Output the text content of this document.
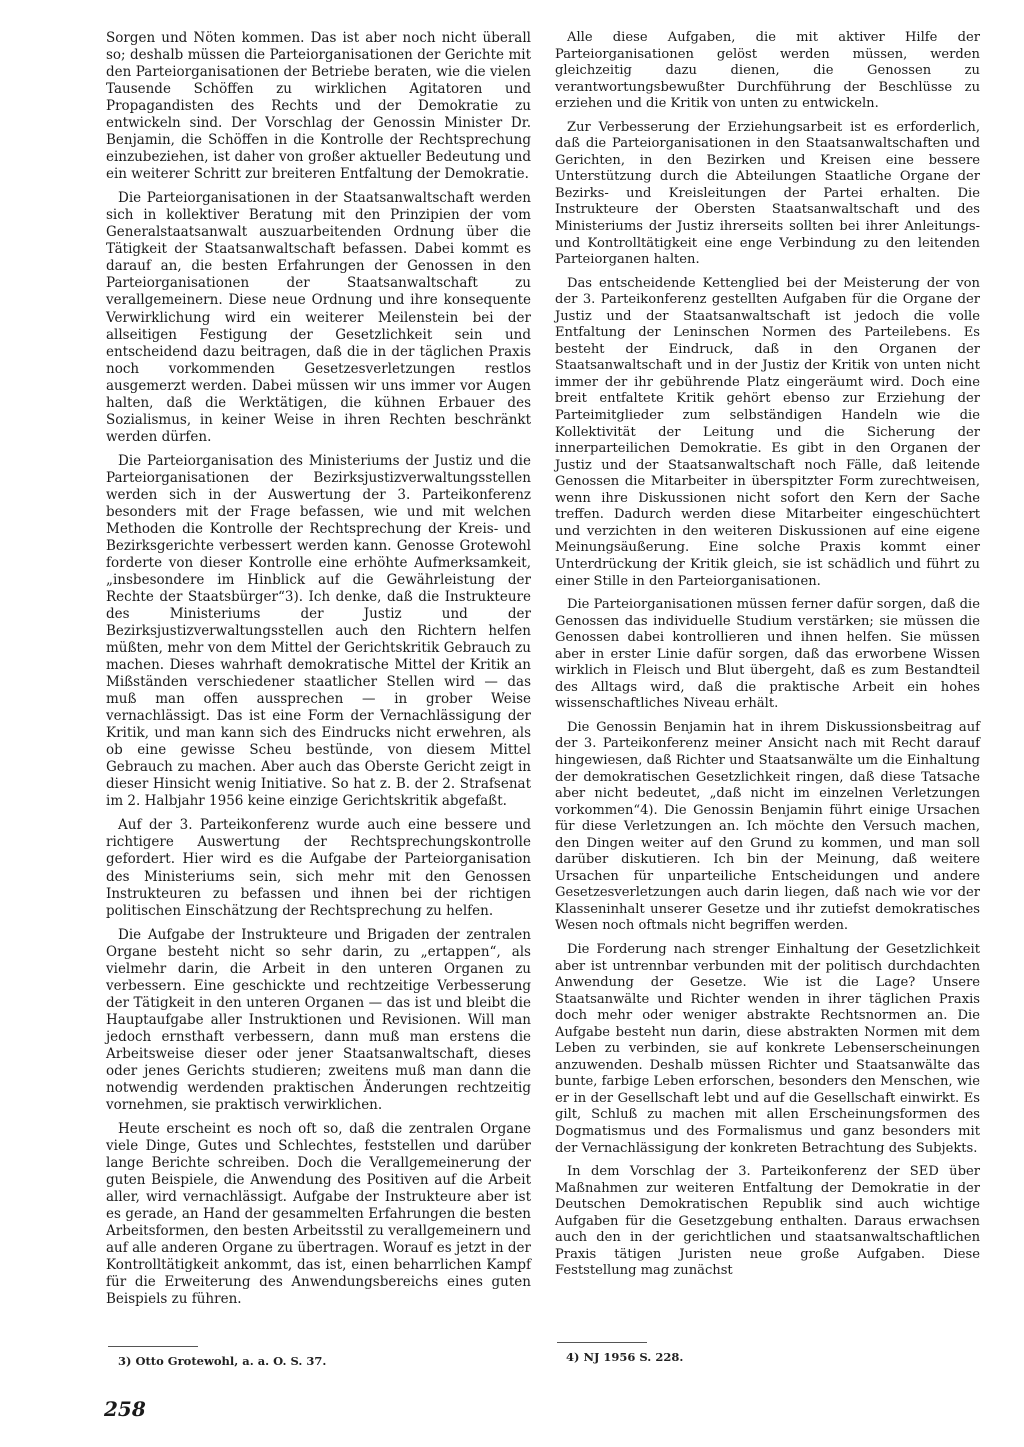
Sorgen und Nöten kommen. Das ist aber noch nicht überall so; deshalb müssen die Parteiorganisationen der Gerichte mit den Parteiorganisationen der Betriebe beraten, wie die vielen Tausende Schöffen zu wirklichen Agitatoren und Propagandisten des Rechts und der Demokratie zu entwickeln sind. Der Vorschlag der Genossin Minister Dr. Benjamin, die Schöffen in die Kontrolle der Rechtsprechung einzubeziehen, ist daher von großer aktueller Bedeutung und ein weiterer Schritt zur breiteren Entfaltung der Demokratie.

Die Parteiorganisationen in der Staatsanwaltschaft werden sich in kollektiver Beratung mit den Prinzipien der vom Generalstaatsanwalt auszuarbeitenden Ordnung über die Tätigkeit der Staatsanwaltschaft befassen. Dabei kommt es darauf an, die besten Erfahrungen der Genossen in den Parteiorganisationen der Staatsanwaltschaft zu verallgemeinern. Diese neue Ordnung und ihre konsequente Verwirklichung wird ein weiterer Meilenstein bei der allseitigen Festigung der Gesetzlichkeit sein und entscheidend dazu beitragen, daß die in der täglichen Praxis noch vorkommenden Gesetzesverletzungen restlos ausgemerzt werden. Dabei müssen wir uns immer vor Augen halten, daß die Werktätigen, die kühnen Erbauer des Sozialismus, in keiner Weise in ihren Rechten beschränkt werden dürfen.

Die Parteiorganisation des Ministeriums der Justiz und die Parteiorganisationen der Bezirksjustizverwaltungsstellen werden sich in der Auswertung der 3. Parteikonferenz besonders mit der Frage befassen, wie und mit welchen Methoden die Kontrolle der Rechtsprechung der Kreis- und Bezirksgerichte verbessert werden kann. Genosse Grotewohl forderte von dieser Kontrolle eine erhöhte Aufmerksamkeit, „insbesondere im Hinblick auf die Gewährleistung der Rechte der Staatsbürger“3). Ich denke, daß die Instrukteure des Ministeriums der Justiz und der Bezirksjustizverwaltungsstellen auch den Richtern helfen müßten, mehr von dem Mittel der Gerichtskritik Gebrauch zu machen. Dieses wahrhaft demokratische Mittel der Kritik an Mißständen verschiedener staatlicher Stellen wird — das muß man offen aussprechen — in grober Weise vernachlässigt. Das ist eine Form der Vernachlässigung der Kritik, und man kann sich des Eindrucks nicht erwehren, als ob eine gewisse Scheu bestünde, von diesem Mittel Gebrauch zu machen. Aber auch das Oberste Gericht zeigt in dieser Hinsicht wenig Initiative. So hat z. B. der 2. Strafsenat im 2. Halbjahr 1956 keine einzige Gerichtskritik abgefaßt.

Auf der 3. Parteikonferenz wurde auch eine bessere und richtigere Auswertung der Rechtsprechungskontrolle gefordert. Hier wird es die Aufgabe der Parteiorganisation des Ministeriums sein, sich mehr mit den Genossen Instrukteuren zu befassen und ihnen bei der richtigen politischen Einschätzung der Rechtsprechung zu helfen.

Die Aufgabe der Instrukteure und Brigaden der zentralen Organe besteht nicht so sehr darin, zu „ertappen“, als vielmehr darin, die Arbeit in den unteren Organen zu verbessern. Eine geschickte und rechtzeitige Verbesserung der Tätigkeit in den unteren Organen — das ist und bleibt die Hauptaufgabe aller Instruktionen und Revisionen. Will man jedoch ernsthaft verbessern, dann muß man erstens die Arbeitsweise dieser oder jener Staatsanwaltschaft, dieses oder jenes Gerichts studieren; zweitens muß man dann die notwendig werdenden praktischen Änderungen rechtzeitig vornehmen, sie praktisch verwirklichen.

Heute erscheint es noch oft so, daß die zentralen Organe viele Dinge, Gutes und Schlechtes, feststellen und darüber lange Berichte schreiben. Doch die Verallgemeinerung der guten Beispiele, die Anwendung des Positiven auf die Arbeit aller, wird vernachlässigt. Aufgabe der Instrukteure aber ist es gerade, an Hand der gesammelten Erfahrungen die besten Arbeitsformen, den besten Arbeitsstil zu verallgemeinern und auf alle anderen Organe zu übertragen. Worauf es jetzt in der Kontrolltätigkeit ankommt, das ist, einen beharrlichen Kampf für die Erweiterung des Anwendungsbereichs eines guten Beispiels zu führen.

Alle diese Aufgaben, die mit aktiver Hilfe der Parteiorganisationen gelöst werden müssen, werden gleichzeitig dazu dienen, die Genossen zu verantwortungsbewußter Durchführung der Beschlüsse zu erziehen und die Kritik von unten zu entwickeln.

Zur Verbesserung der Erziehungsarbeit ist es erforderlich, daß die Parteiorganisationen in den Staatsanwaltschaften und Gerichten, in den Bezirken und Kreisen eine bessere Unterstützung durch die Abteilungen Staatliche Organe der Bezirks- und Kreisleitungen der Partei erhalten. Die Instrukteure der Obersten Staatsanwaltschaft und des Ministeriums der Justiz ihrerseits sollten bei ihrer Anleitungs- und Kontrolltätigkeit eine enge Verbindung zu den leitenden Parteiorganen halten.

Das entscheidende Kettenglied bei der Meisterung der von der 3. Parteikonferenz gestellten Aufgaben für die Organe der Justiz und der Staatsanwaltschaft ist jedoch die volle Entfaltung der Leninschen Normen des Parteilebens. Es besteht der Eindruck, daß in den Organen der Staatsanwaltschaft und in der Justiz der Kritik von unten nicht immer der ihr gebührende Platz eingeräumt wird. Doch eine breit entfaltete Kritik gehört ebenso zur Erziehung der Parteimitglieder zum selbständigen Handeln wie die Kollektivität der Leitung und die Sicherung der innerparteilichen Demokratie. Es gibt in den Organen der Justiz und der Staatsanwaltschaft noch Fälle, daß leitende Genossen die Mitarbeiter in überspitzter Form zurechtweisen, wenn ihre Diskussionen nicht sofort den Kern der Sache treffen. Dadurch werden diese Mitarbeiter eingeschüchtert und verzichten in den weiteren Diskussionen auf eine eigene Meinungsäußerung. Eine solche Praxis kommt einer Unterdrückung der Kritik gleich, sie ist schädlich und führt zu einer Stille in den Parteiorganisationen.

Die Parteiorganisationen müssen ferner dafür sorgen, daß die Genossen das individuelle Studium verstärken; sie müssen die Genossen dabei kontrollieren und ihnen helfen. Sie müssen aber in erster Linie dafür sorgen, daß das erworbene Wissen wirklich in Fleisch und Blut übergeht, daß es zum Bestandteil des Alltags wird, daß die praktische Arbeit ein hohes wissenschaftliches Niveau erhält.

Die Genossin Benjamin hat in ihrem Diskussionsbeitrag auf der 3. Parteikonferenz meiner Ansicht nach mit Recht darauf hingewiesen, daß Richter und Staatsanwälte um die Einhaltung der demokratischen Gesetzlichkeit ringen, daß diese Tatsache aber nicht bedeutet, „daß nicht im einzelnen Verletzungen vorkommen“4). Die Genossin Benjamin führt einige Ursachen für diese Verletzungen an. Ich möchte den Versuch machen, den Dingen weiter auf den Grund zu kommen, und man soll darüber diskutieren. Ich bin der Meinung, daß weitere Ursachen für unparteiliche Entscheidungen und andere Gesetzesverletzungen auch darin liegen, daß nach wie vor der Klasseninhalt unserer Gesetze und ihr zutiefst demokratisches Wesen noch oftmals nicht begriffen werden.

Die Forderung nach strenger Einhaltung der Gesetzlichkeit aber ist untrennbar verbunden mit der politisch durchdachten Anwendung der Gesetze. Wie ist die Lage? Unsere Staatsanwälte und Richter wenden in ihrer täglichen Praxis doch mehr oder weniger abstrakte Rechtsnormen an. Die Aufgabe besteht nun darin, diese abstrakten Normen mit dem Leben zu verbinden, sie auf konkrete Lebenserscheinungen anzuwenden. Deshalb müssen Richter und Staatsanwälte das bunte, farbige Leben erforschen, besonders den Menschen, wie er in der Gesellschaft lebt und auf die Gesellschaft einwirkt. Es gilt, Schluß zu machen mit allen Erscheinungsformen des Dogmatismus und des Formalismus und ganz besonders mit der Vernachlässigung der konkreten Betrachtung des Subjekts.

In dem Vorschlag der 3. Parteikonferenz der SED über Maßnahmen zur weiteren Entfaltung der Demokratie in der Deutschen Demokratischen Republik sind auch wichtige Aufgaben für die Gesetzgebung enthalten. Daraus erwachsen auch den in der gerichtlichen und staatsanwaltschaftlichen Praxis tätigen Juristen neue große Aufgaben. Diese Feststellung mag zunächst

3) Otto Grotewohl, a. a. O. S. 37.	4) NJ 1956 S. 228.
258
